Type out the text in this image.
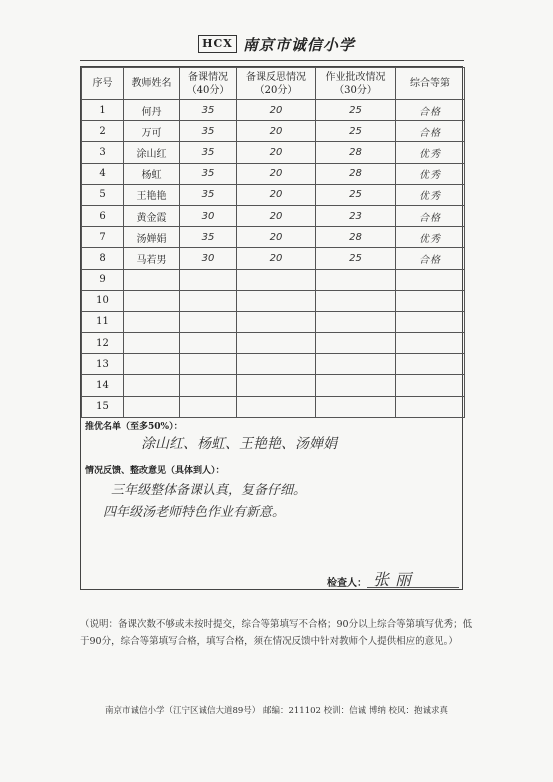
HCX 南京市诚信小学
序号	教师姓名	备课情况（40分）	备课反思情况（20分）	作业批改情况（30分）	综合等第
1	何丹	35	20	25	合格
2	万可	35	20	25	合格
3	涂山红	35	20	28	优秀
4	杨虹	35	20	28	优秀
5	王艳艳	35	20	25	优秀
6	黄金霞	30	20	23	合格
7	汤婵娟	35	20	28	优秀
8	马若男	30	20	25	合格
9					
10					
11					
12					
13					
14					
15					
推优名单（至多50%）：
涂山红、杨虹、王艳艳、汤婵娟
情况反馈、整改意见（具体到人）：
三年级整体备课认真，复备仔细。
四年级汤老师特色作业有新意。
检查人： 张丽
（说明：备课次数不够或未按时提交，综合等第填写不合格；90分以上综合等第填写优秀；低于90分，综合等第填写合格，填写合格，须在情况反馈中针对教师个人提供相应的意见。）
南京市诚信小学（江宁区诚信大道89号） 邮编：211102 校训：信诚 博纳 校风：抱诚求真
